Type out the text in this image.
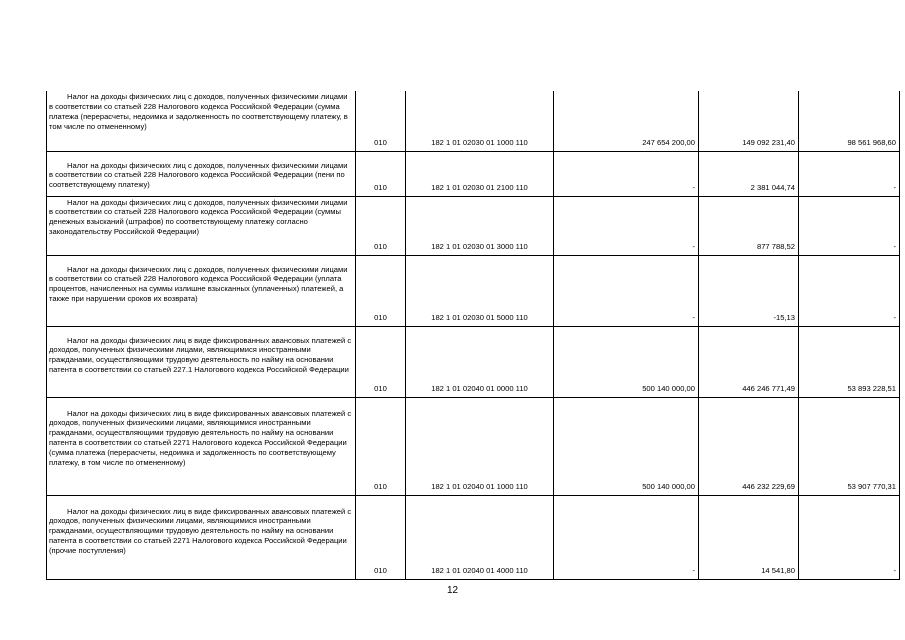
Налог на доходы физических лиц с доходов, полученных физическими лицами в соответствии со статьей 228 Налогового кодекса Российской Федерации (сумма платежа (перерасчеты, недоимка и задолженность по соответствующему платежу, в том числе по отмененному)	010	182 1 01 02030 01 1000 110	247 654 200,00	149 092 231,40	98 561 968,60

Налог на доходы физических лиц с доходов, полученных физическими лицами в соответствии со статьей 228 Налогового кодекса Российской Федерации (пени по соответствующему платежу)	010	182 1 01 02030 01 2100 110	-	2 381 044,74	-

Налог на доходы физических лиц с доходов, полученных физическими лицами в соответствии со статьей 228 Налогового кодекса Российской Федерации (суммы денежных взысканий (штрафов) по соответствующему платежу согласно законодательству Российской Федерации)	010	182 1 01 02030 01 3000 110	-	877 788,52	-

Налог на доходы физических лиц с доходов, полученных физическими лицами в соответствии со статьей 228 Налогового кодекса Российской Федерации (уплата процентов, начисленных на суммы излишне взысканных (уплаченных) платежей, а также при нарушении сроков их возврата)	010	182 1 01 02030 01 5000 110	-	-15,13	-

Налог на доходы физических лиц в виде фиксированных авансовых платежей с доходов, полученных физическими лицами, являющимися иностранными гражданами, осуществляющими трудовую деятельность по найму на основании патента в соответствии со статьей 227.1 Налогового кодекса Российской Федерации	010	182 1 01 02040 01 0000 110	500 140 000,00	446 246 771,49	53 893 228,51

Налог на доходы физических лиц в виде фиксированных авансовых платежей с доходов, полученных физическими лицами, являющимися иностранными гражданами, осуществляющими трудовую деятельность по найму на основании патента в соответствии со статьей 2271 Налогового кодекса Российской Федерации (сумма платежа (перерасчеты, недоимка и задолженность по соответствующему платежу, в том числе по отмененному)	010	182 1 01 02040 01 1000 110	500 140 000,00	446 232 229,69	53 907 770,31

Налог на доходы физических лиц в виде фиксированных авансовых платежей с доходов, полученных физическими лицами, являющимися иностранными гражданами, осуществляющими трудовую деятельность по найму на основании патента в соответствии со статьей 2271 Налогового кодекса Российской Федерации (прочие поступления)	010	182 1 01 02040 01 4000 110	-	14 541,80	-
12
